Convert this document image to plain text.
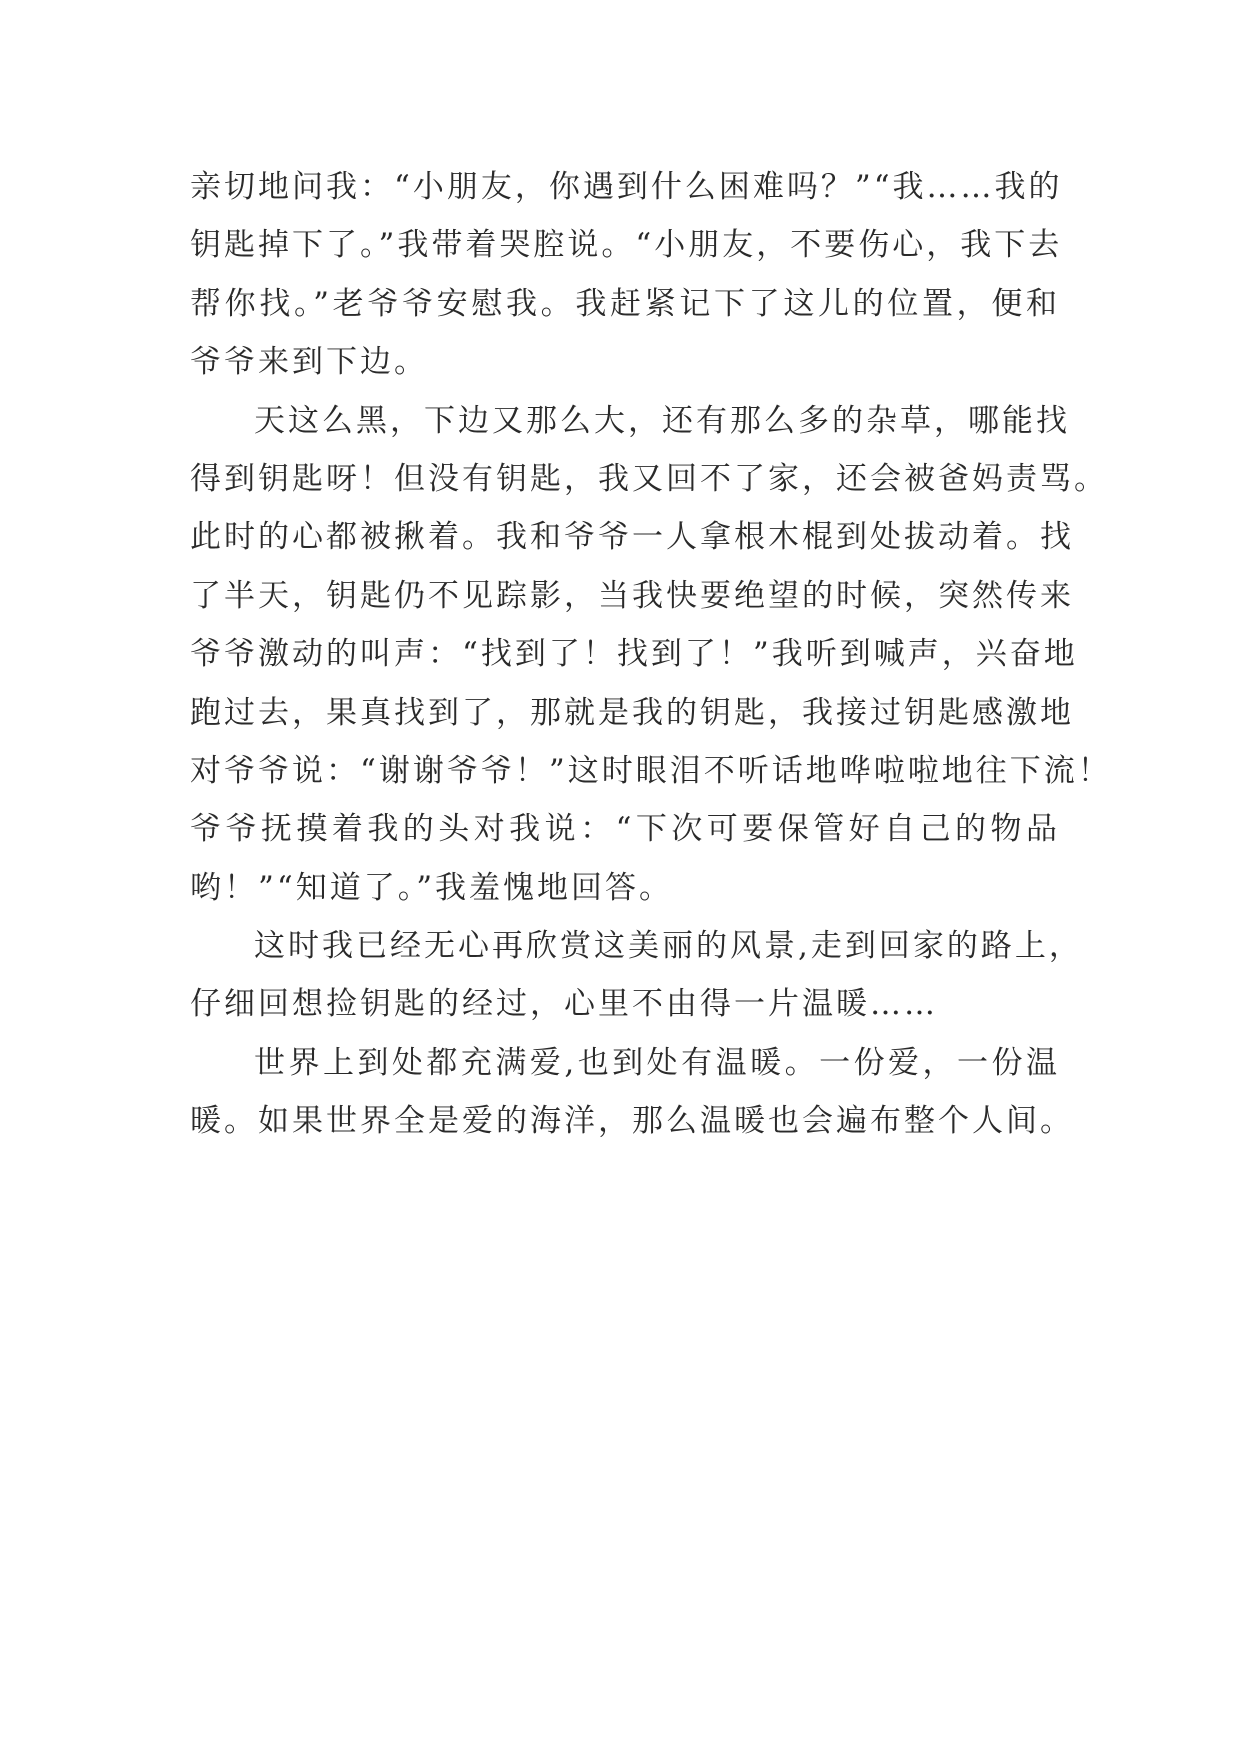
亲切地问我：“小朋友，你遇到什么困难吗？”“我……我的
钥匙掉下了。”我带着哭腔说。“小朋友，不要伤心，我下去
帮你找。”老爷爷安慰我。我赶紧记下了这儿的位置，便和
爷爷来到下边。
天这么黑，下边又那么大，还有那么多的杂草，哪能找
得到钥匙呀！但没有钥匙，我又回不了家，还会被爸妈责骂。
此时的心都被揪着。我和爷爷一人拿根木棍到处拔动着。找
了半天，钥匙仍不见踪影，当我快要绝望的时候，突然传来
爷爷激动的叫声：“找到了！找到了！”我听到喊声，兴奋地
跑过去，果真找到了，那就是我的钥匙，我接过钥匙感激地
对爷爷说：“谢谢爷爷！”这时眼泪不听话地哗啦啦地往下流！
爷爷抚摸着我的头对我说：“下次可要保管好自己的物品
哟！”“知道了。”我羞愧地回答。
这时我已经无心再欣赏这美丽的风景,走到回家的路上，
仔细回想捡钥匙的经过，心里不由得一片温暖……
世界上到处都充满爱,也到处有温暖。一份爱，一份温
暖。如果世界全是爱的海洋，那么温暖也会遍布整个人间。
